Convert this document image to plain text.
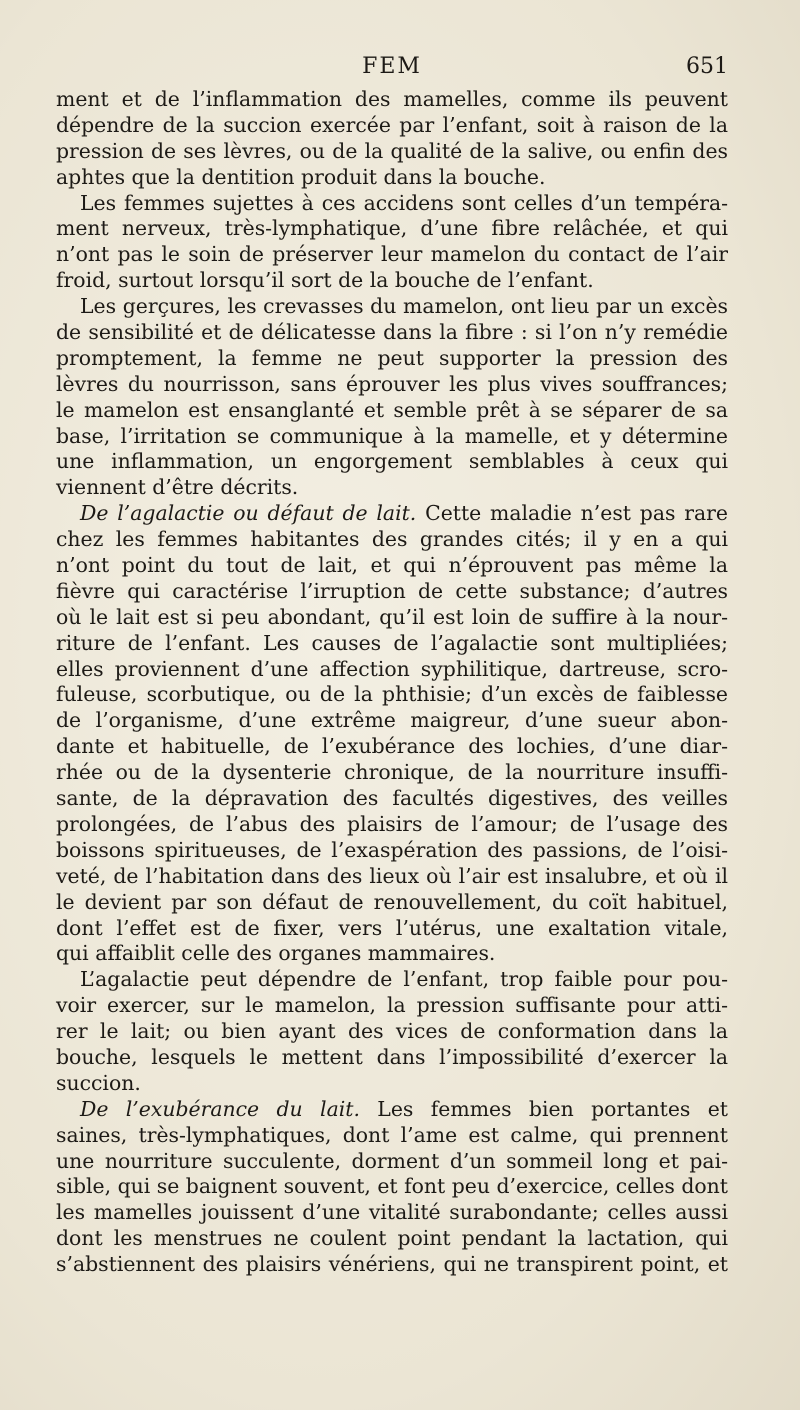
FEM	651
ment et de l’inflammation des mamelles, comme ils peuvent
dépendre de la succion exercée par l’enfant, soit à raison de la
pression de ses lèvres, ou de la qualité de la salive, ou enfin des
aphtes que la dentition produit dans la bouche.
Les femmes sujettes à ces accidens sont celles d’un tempéra-
ment nerveux, très-lymphatique, d’une fibre relâchée, et qui
n’ont pas le soin de préserver leur mamelon du contact de l’air
froid, surtout lorsqu’il sort de la bouche de l’enfant.
Les gerçures, les crevasses du mamelon, ont lieu par un excès
de sensibilité et de délicatesse dans la fibre : si l’on n’y remédie
promptement, la femme ne peut supporter la pression des
lèvres du nourrisson, sans éprouver les plus vives souffrances;
le mamelon est ensanglanté et semble prêt à se séparer de sa
base, l’irritation se communique à la mamelle, et y détermine
une inflammation, un engorgement semblables à ceux qui
viennent d’être décrits.
De l’agalactie ou défaut de lait. Cette maladie n’est pas rare
chez les femmes habitantes des grandes cités; il y en a qui
n’ont point du tout de lait, et qui n’éprouvent pas même la
fièvre qui caractérise l’irruption de cette substance; d’autres
où le lait est si peu abondant, qu’il est loin de suffire à la nour-
riture de l’enfant. Les causes de l’agalactie sont multipliées;
elles proviennent d’une affection syphilitique, dartreuse, scro-
fuleuse, scorbutique, ou de la phthisie; d’un excès de faiblesse
de l’organisme, d’une extrême maigreur, d’une sueur abon-
dante et habituelle, de l’exubérance des lochies, d’une diar-
rhée ou de la dysenterie chronique, de la nourriture insuffi-
sante, de la dépravation des facultés digestives, des veilles
prolongées, de l’abus des plaisirs de l’amour; de l’usage des
boissons spiritueuses, de l’exaspération des passions, de l’oisi-
veté, de l’habitation dans des lieux où l’air est insalubre, et où il
le devient par son défaut de renouvellement, du coït habituel,
dont l’effet est de fixer, vers l’utérus, une exaltation vitale,
qui affaiblit celle des organes mammaires.
L’agalactie peut dépendre de l’enfant, trop faible pour pou-
voir exercer, sur le mamelon, la pression suffisante pour atti-
rer le lait; ou bien ayant des vices de conformation dans la
bouche, lesquels le mettent dans l’impossibilité d’exercer la
succion.
De l’exubérance du lait. Les femmes bien portantes et
saines, très-lymphatiques, dont l’ame est calme, qui prennent
une nourriture succulente, dorment d’un sommeil long et pai-
sible, qui se baignent souvent, et font peu d’exercice, celles dont
les mamelles jouissent d’une vitalité surabondante; celles aussi
dont les menstrues ne coulent point pendant la lactation, qui
s’abstiennent des plaisirs vénériens, qui ne transpirent point, et
